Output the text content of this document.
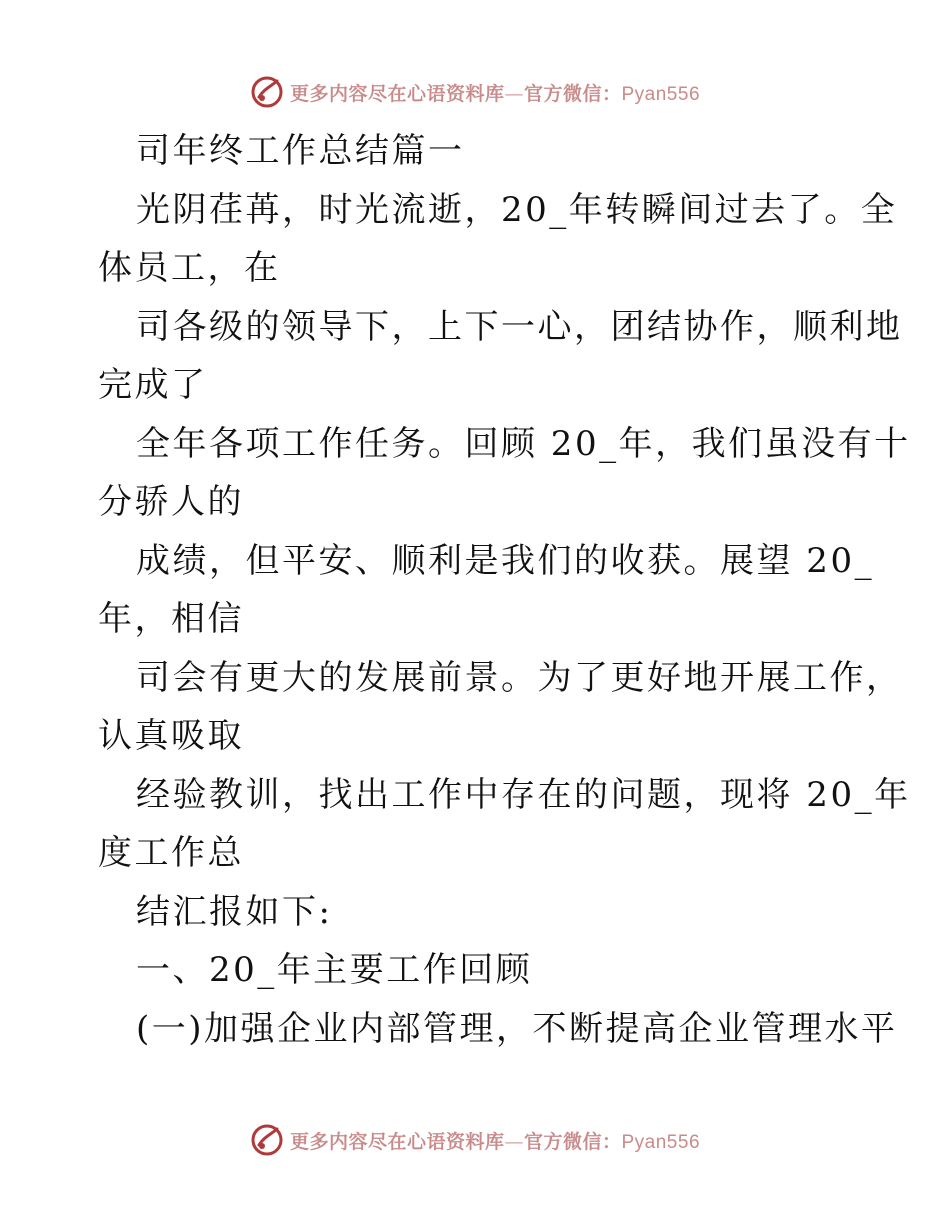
更多内容尽在心语资料库—官方微信：Pyan556
司年终工作总结篇一
光阴荏苒，时光流逝，20_年转瞬间过去了。全
体员工，在
司各级的领导下，上下一心，团结协作，顺利地
完成了
全年各项工作任务。回顾 20_年，我们虽没有十
分骄人的
成绩，但平安、顺利是我们的收获。展望 20_
年，相信
司会有更大的发展前景。为了更好地开展工作，
认真吸取
经验教训，找出工作中存在的问题，现将 20_年
度工作总
结汇报如下:
一、20_年主要工作回顾
(一)加强企业内部管理，不断提高企业管理水平
更多内容尽在心语资料库—官方微信：Pyan556
